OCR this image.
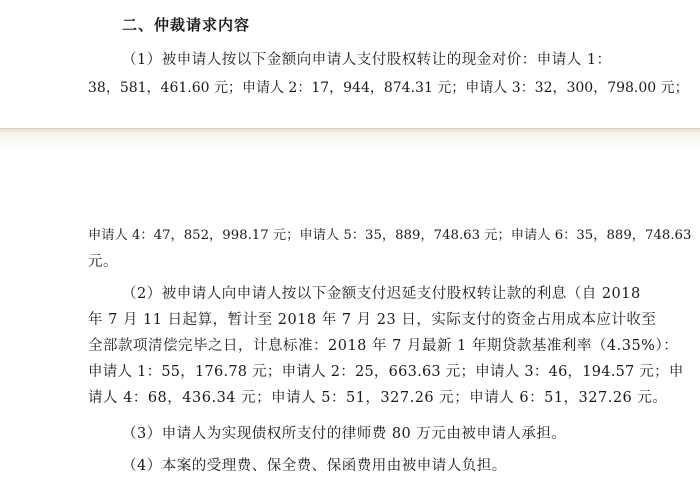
二、仲裁请求内容
（1）被申请人按以下金额向申请人支付股权转让的现金对价：申请人 1：
38，581，461.60 元；申请人 2：17，944，874.31 元；申请人 3：32，300，798.00 元；
申请人 4：47，852，998.17 元；申请人 5：35，889，748.63 元；申请人 6：35，889，748.63
元。
（2）被申请人向申请人按以下金额支付迟延支付股权转让款的利息（自 2018
年 7 月 11 日起算，暂计至 2018 年 7 月 23 日，实际支付的资金占用成本应计收至
全部款项清偿完毕之日，计息标准：2018 年 7 月最新 1 年期贷款基准利率（4.35%）：
申请人 1：55，176.78 元；申请人 2：25，663.63 元；申请人 3：46，194.57 元；申
请人 4：68，436.34 元；申请人 5：51，327.26 元；申请人 6：51，327.26 元。
（3）申请人为实现债权所支付的律师费 80 万元由被申请人承担。
（4）本案的受理费、保全费、保函费用由被申请人负担。
